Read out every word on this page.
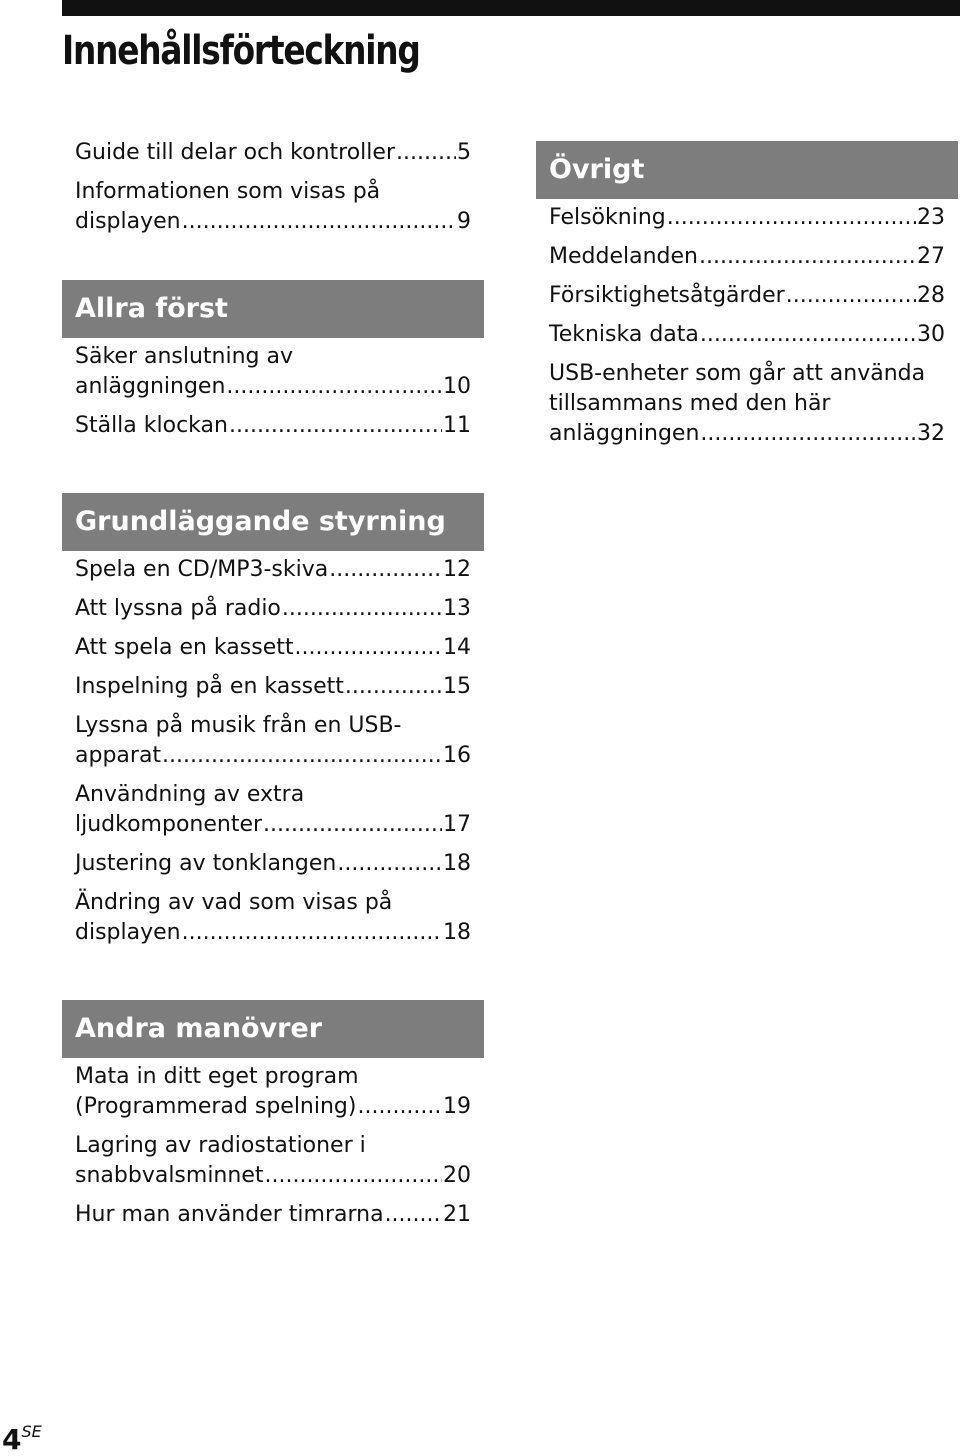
Innehållsförteckning
Guide till delar och kontroller .....	5
Informationen som visas på
displayen .....	9
Allra först
Säker anslutning av
anläggningen .....	10
Ställa klockan .....	11
Grundläggande styrning
Spela en CD/MP3-skiva .....	12
Att lyssna på radio .....	13
Att spela en kassett .....	14
Inspelning på en kassett .....	15
Lyssna på musik från en USB-
apparat .....	16
Användning av extra
ljudkomponenter .....	17
Justering av tonklangen .....	18
Ändring av vad som visas på
displayen .....	18
Andra manövrer
Mata in ditt eget program
(Programmerad spelning) .....	19
Lagring av radiostationer i
snabbvalsminnet .....	20
Hur man använder timrarna .....	21
Övrigt
Felsökning .....	23
Meddelanden .....	27
Försiktighetsåtgärder .....	28
Tekniska data .....	30
USB-enheter som går att använda
tillsammans med den här
anläggningen .....	32
$4^{SE}$
